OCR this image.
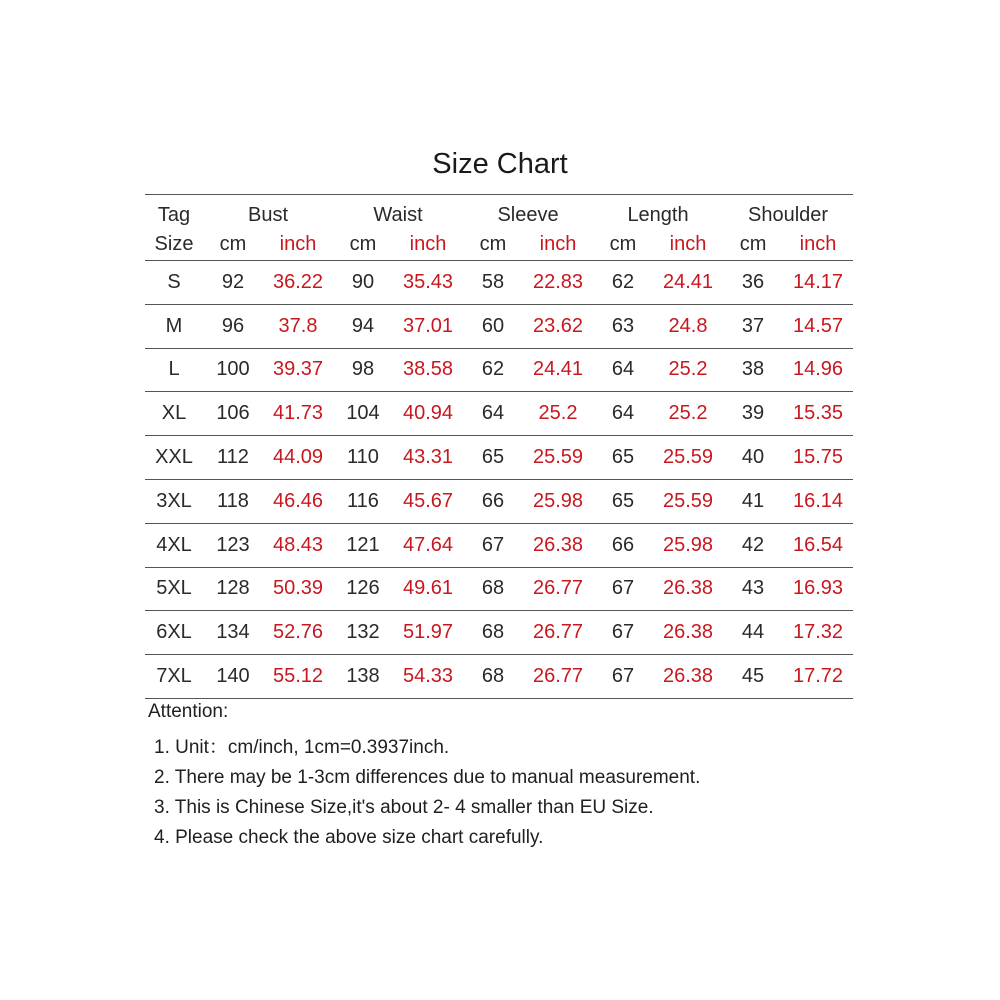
Size Chart
Tag	Bust		Waist		Sleeve		Length		Shoulder	
Size	cm	inch	cm	inch	cm	inch	cm	inch	cm	inch
S	92	36.22	90	35.43	58	22.83	62	24.41	36	14.17
M	96	37.8	94	37.01	60	23.62	63	24.8	37	14.57
L	100	39.37	98	38.58	62	24.41	64	25.2	38	14.96
XL	106	41.73	104	40.94	64	25.2	64	25.2	39	15.35
XXL	112	44.09	110	43.31	65	25.59	65	25.59	40	15.75
3XL	118	46.46	116	45.67	66	25.98	65	25.59	41	16.14
4XL	123	48.43	121	47.64	67	26.38	66	25.98	42	16.54
5XL	128	50.39	126	49.61	68	26.77	67	26.38	43	16.93
6XL	134	52.76	132	51.97	68	26.77	67	26.38	44	17.32
7XL	140	55.12	138	54.33	68	26.77	67	26.38	45	17.72
Attention:
1. Unit：cm/inch, 1cm=0.3937inch.
2. There may be 1-3cm differences due to manual measurement.
3. This is Chinese Size,it's about 2- 4 smaller than EU Size.
4. Please check the above size chart carefully.
